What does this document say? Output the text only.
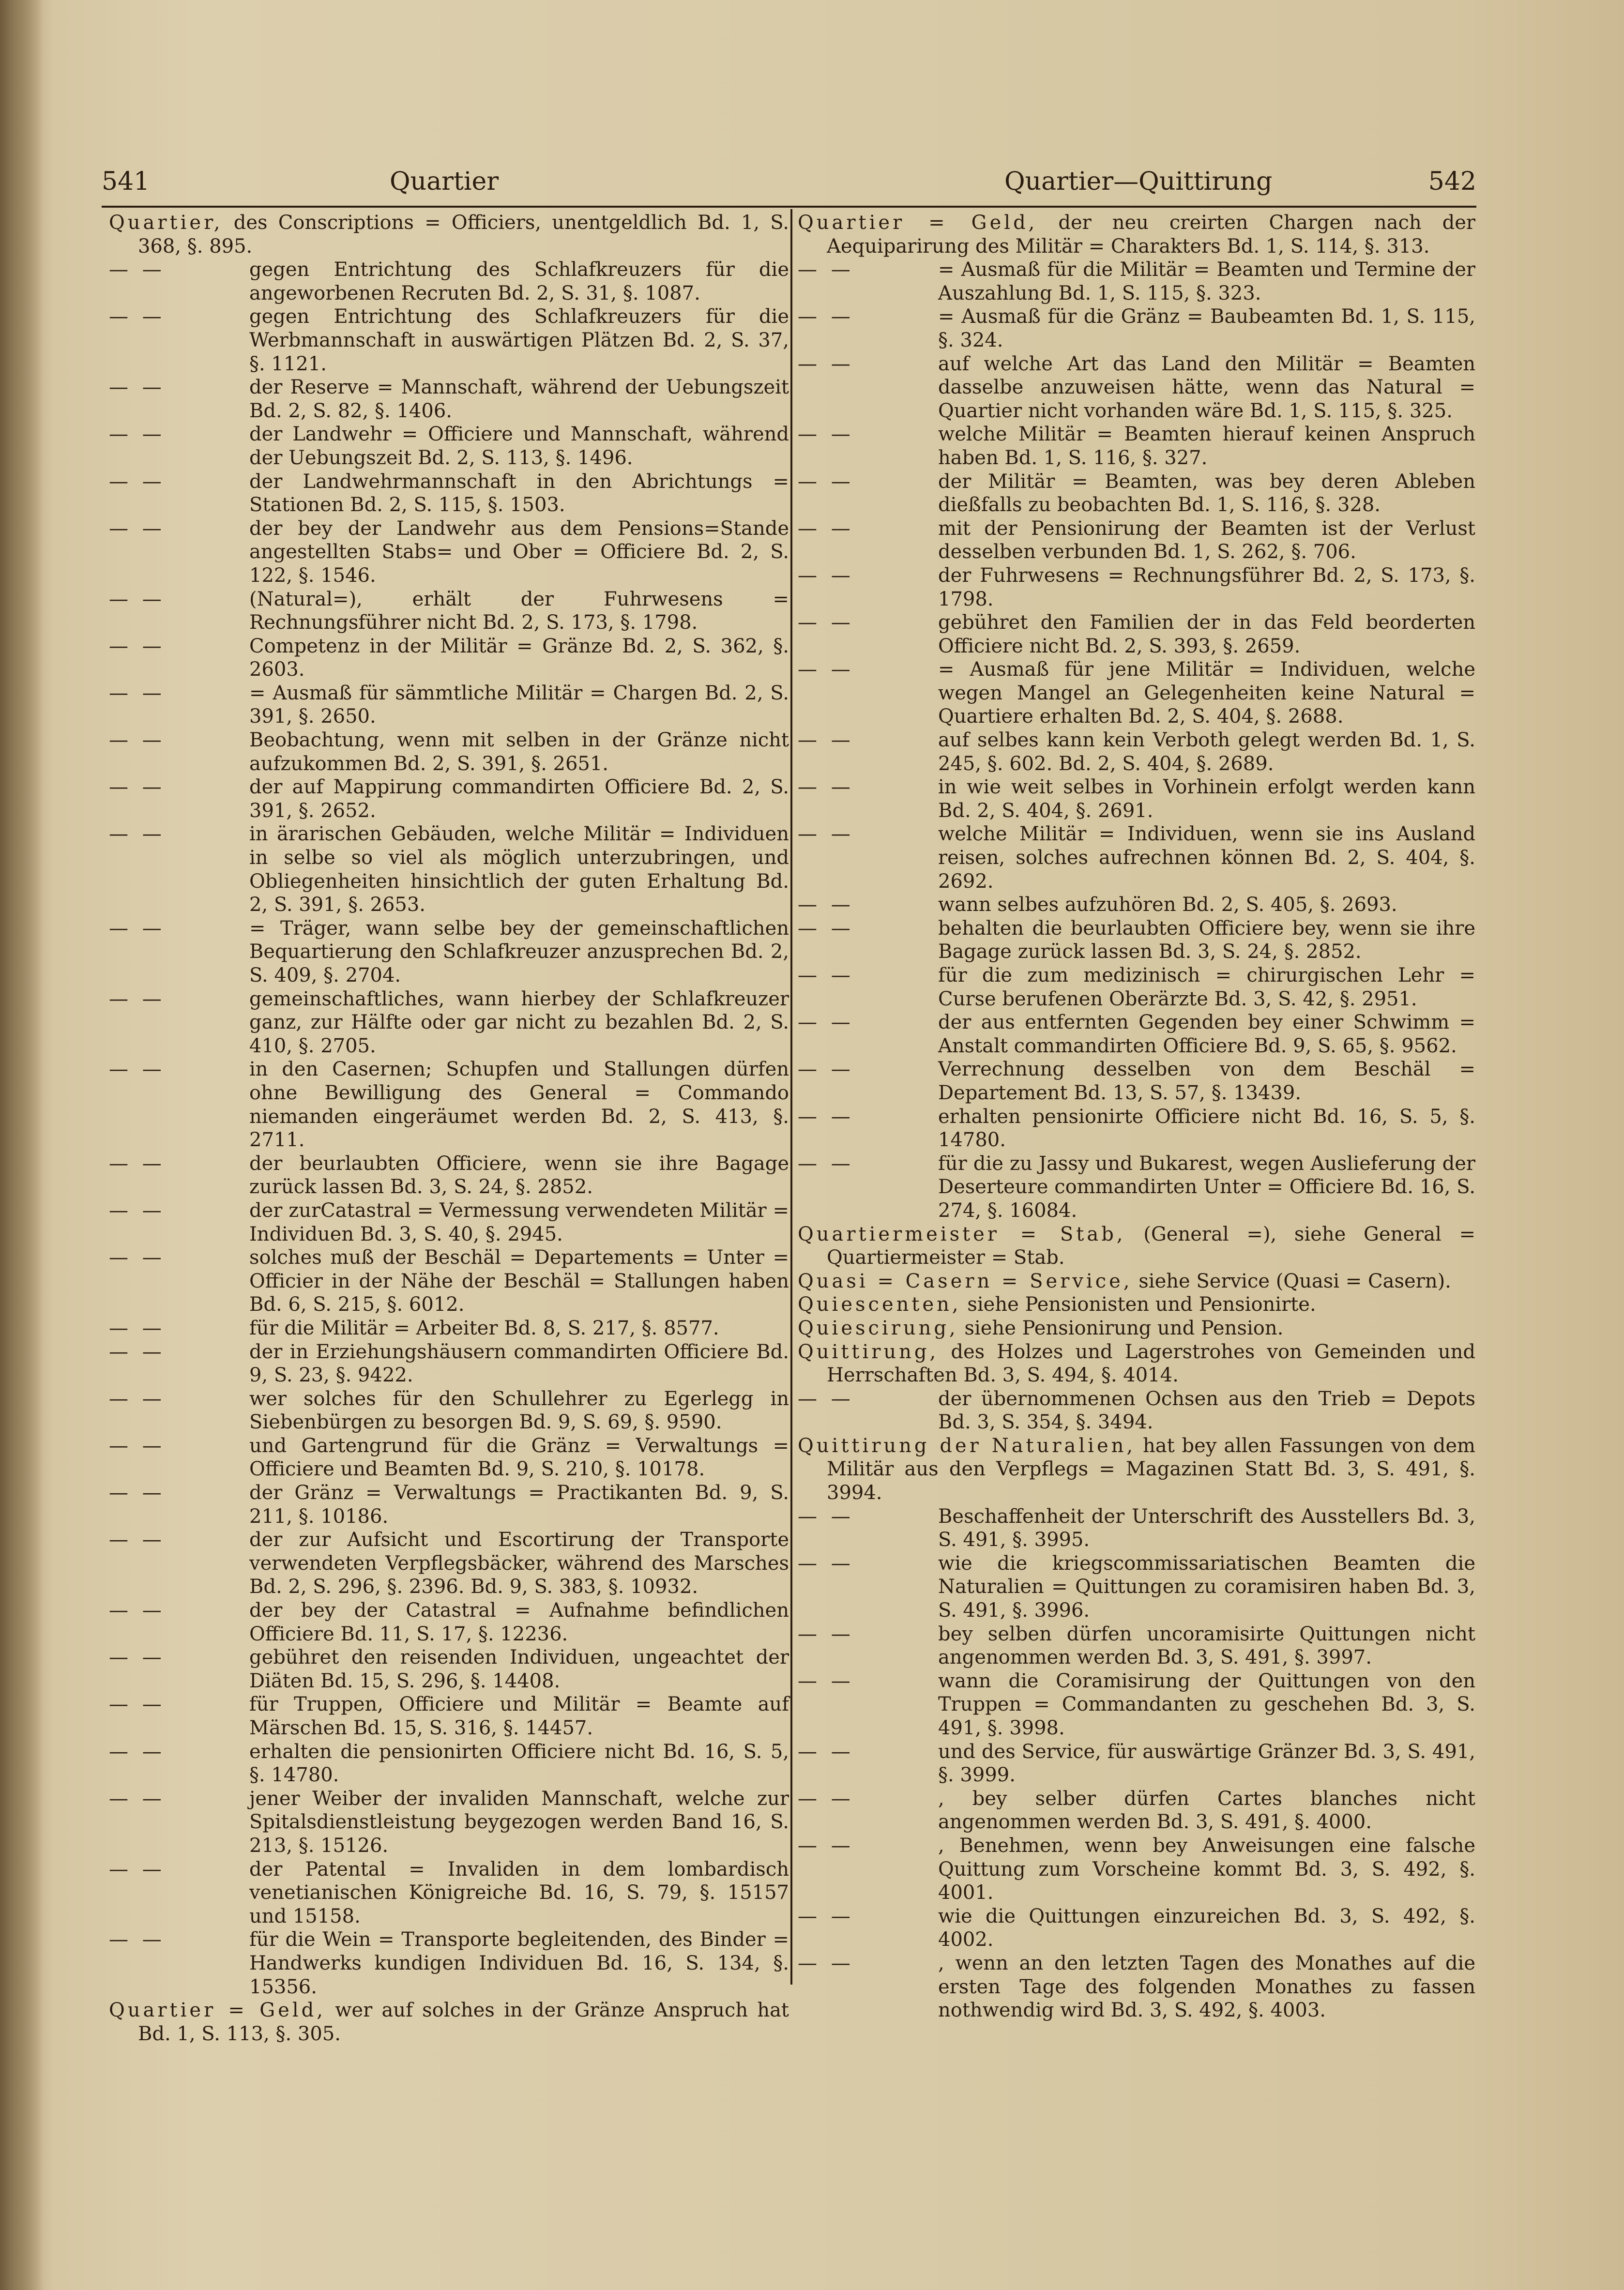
541	Quartier	Quartier—Quittirung	542
Quartier, des Conscriptions = Officiers, unentgeldlich Bd. 1, S. 368, §. 895.
— —	gegen Entrichtung des Schlafkreuzers für die angeworbenen Recruten Bd. 2, S. 31, §. 1087.
— —	gegen Entrichtung des Schlafkreuzers für die Werbmannschaft in auswärtigen Plätzen Bd. 2, S. 37, §. 1121.
— —	der Reserve = Mannschaft, während der Uebungszeit Bd. 2, S. 82, §. 1406.
— —	der Landwehr = Officiere und Mannschaft, während der Uebungszeit Bd. 2, S. 113, §. 1496.
— —	der Landwehrmannschaft in den Abrichtungs = Stationen Bd. 2, S. 115, §. 1503.
— —	der bey der Landwehr aus dem Pensions=Stande angestellten Stabs= und Ober = Officiere Bd. 2, S. 122, §. 1546.
— —	(Natural=), erhält der Fuhrwesens = Rechnungsführer nicht Bd. 2, S. 173, §. 1798.
— —	Competenz in der Militär = Gränze Bd. 2, S. 362, §. 2603.
— —	= Ausmaß für sämmtliche Militär = Chargen Bd. 2, S. 391, §. 2650.
— —	Beobachtung, wenn mit selben in der Gränze nicht aufzukommen Bd. 2, S. 391, §. 2651.
— —	der auf Mappirung commandirten Officiere Bd. 2, S. 391, §. 2652.
— —	in ärarischen Gebäuden, welche Militär = Individuen in selbe so viel als möglich unterzubringen, und Obliegenheiten hinsichtlich der guten Erhaltung Bd. 2, S. 391, §. 2653.
— —	= Träger, wann selbe bey der gemeinschaftlichen Bequartierung den Schlafkreuzer anzusprechen Bd. 2, S. 409, §. 2704.
— —	gemeinschaftliches, wann hierbey der Schlafkreuzer ganz, zur Hälfte oder gar nicht zu bezahlen Bd. 2, S. 410, §. 2705.
— —	in den Casernen; Schupfen und Stallungen dürfen ohne Bewilligung des General = Commando niemanden eingeräumet werden Bd. 2, S. 413, §. 2711.
— —	der beurlaubten Officiere, wenn sie ihre Bagage zurück lassen Bd. 3, S. 24, §. 2852.
— —	der zurCatastral = Vermessung verwendeten Militär = Individuen Bd. 3, S. 40, §. 2945.
— —	solches muß der Beschäl = Departements = Unter = Officier in der Nähe der Beschäl = Stallungen haben Bd. 6, S. 215, §. 6012.
— —	für die Militär = Arbeiter Bd. 8, S. 217, §. 8577.
— —	der in Erziehungshäusern commandirten Officiere Bd. 9, S. 23, §. 9422.
— —	wer solches für den Schullehrer zu Egerlegg in Siebenbürgen zu besorgen Bd. 9, S. 69, §. 9590.
— —	und Gartengrund für die Gränz = Verwaltungs = Officiere und Beamten Bd. 9, S. 210, §. 10178.
— —	der Gränz = Verwaltungs = Practikanten Bd. 9, S. 211, §. 10186.
— —	der zur Aufsicht und Escortirung der Transporte verwendeten Verpflegsbäcker, während des Marsches Bd. 2, S. 296, §. 2396. Bd. 9, S. 383, §. 10932.
— —	der bey der Catastral = Aufnahme befindlichen Officiere Bd. 11, S. 17, §. 12236.
— —	gebühret den reisenden Individuen, ungeachtet der Diäten Bd. 15, S. 296, §. 14408.
— —	für Truppen, Officiere und Militär = Beamte auf Märschen Bd. 15, S. 316, §. 14457.
— —	erhalten die pensionirten Officiere nicht Bd. 16, S. 5, §. 14780.
— —	jener Weiber der invaliden Mannschaft, welche zur Spitalsdienstleistung beygezogen werden Band 16, S. 213, §. 15126.
— —	der Patental = Invaliden in dem lombardisch venetianischen Königreiche Bd. 16, S. 79, §. 15157 und 15158.
— —	für die Wein = Transporte begleitenden, des Binder = Handwerks kundigen Individuen Bd. 16, S. 134, §. 15356.
Quartier = Geld, wer auf solches in der Gränze Anspruch hat Bd. 1, S. 113, §. 305.
Quartier = Geld, der neu creirten Chargen nach der Aequiparirung des Militär = Charakters Bd. 1, S. 114, §. 313.
— —	= Ausmaß für die Militär = Beamten und Termine der Auszahlung Bd. 1, S. 115, §. 323.
— —	= Ausmaß für die Gränz = Baubeamten Bd. 1, S. 115, §. 324.
— —	auf welche Art das Land den Militär = Beamten dasselbe anzuweisen hätte, wenn das Natural = Quartier nicht vorhanden wäre Bd. 1, S. 115, §. 325.
— —	welche Militär = Beamten hierauf keinen Anspruch haben Bd. 1, S. 116, §. 327.
— —	der Militär = Beamten, was bey deren Ableben dießfalls zu beobachten Bd. 1, S. 116, §. 328.
— —	mit der Pensionirung der Beamten ist der Verlust desselben verbunden Bd. 1, S. 262, §. 706.
— —	der Fuhrwesens = Rechnungsführer Bd. 2, S. 173, §. 1798.
— —	gebühret den Familien der in das Feld beorderten Officiere nicht Bd. 2, S. 393, §. 2659.
— —	= Ausmaß für jene Militär = Individuen, welche wegen Mangel an Gelegenheiten keine Natural = Quartiere erhalten Bd. 2, S. 404, §. 2688.
— —	auf selbes kann kein Verboth gelegt werden Bd. 1, S. 245, §. 602. Bd. 2, S. 404, §. 2689.
— —	in wie weit selbes in Vorhinein erfolgt werden kann Bd. 2, S. 404, §. 2691.
— —	welche Militär = Individuen, wenn sie ins Ausland reisen, solches aufrechnen können Bd. 2, S. 404, §. 2692.
— —	wann selbes aufzuhören Bd. 2, S. 405, §. 2693.
— —	behalten die beurlaubten Officiere bey, wenn sie ihre Bagage zurück lassen Bd. 3, S. 24, §. 2852.
— —	für die zum medizinisch = chirurgischen Lehr = Curse berufenen Oberärzte Bd. 3, S. 42, §. 2951.
— —	der aus entfernten Gegenden bey einer Schwimm = Anstalt commandirten Officiere Bd. 9, S. 65, §. 9562.
— —	Verrechnung desselben von dem Beschäl = Departement Bd. 13, S. 57, §. 13439.
— —	erhalten pensionirte Officiere nicht Bd. 16, S. 5, §. 14780.
— —	für die zu Jassy und Bukarest, wegen Auslieferung der Deserteure commandirten Unter = Officiere Bd. 16, S. 274, §. 16084.
Quartiermeister = Stab, (General =), siehe General = Quartiermeister = Stab.
Quasi = Casern = Service, siehe Service (Quasi = Casern).
Quiescenten, siehe Pensionisten und Pensionirte.
Quiescirung, siehe Pensionirung und Pension.
Quittirung, des Holzes und Lagerstrohes von Gemeinden und Herrschaften Bd. 3, S. 494, §. 4014.
— —	der übernommenen Ochsen aus den Trieb = Depots Bd. 3, S. 354, §. 3494.
Quittirung der Naturalien, hat bey allen Fassungen von dem Militär aus den Verpflegs = Magazinen Statt Bd. 3, S. 491, §. 3994.
— —	Beschaffenheit der Unterschrift des Ausstellers Bd. 3, S. 491, §. 3995.
— —	wie die kriegscommissariatischen Beamten die Naturalien = Quittungen zu coramisiren haben Bd. 3, S. 491, §. 3996.
— —	bey selben dürfen uncoramisirte Quittungen nicht angenommen werden Bd. 3, S. 491, §. 3997.
— —	wann die Coramisirung der Quittungen von den Truppen = Commandanten zu geschehen Bd. 3, S. 491, §. 3998.
— —	und des Service, für auswärtige Gränzer Bd. 3, S. 491, §. 3999.
— —	, bey selber dürfen Cartes blanches nicht angenommen werden Bd. 3, S. 491, §. 4000.
— —	, Benehmen, wenn bey Anweisungen eine falsche Quittung zum Vorscheine kommt Bd. 3, S. 492, §. 4001.
— —	wie die Quittungen einzureichen Bd. 3, S. 492, §. 4002.
— —	, wenn an den letzten Tagen des Monathes auf die ersten Tage des folgenden Monathes zu fassen nothwendig wird Bd. 3, S. 492, §. 4003.
